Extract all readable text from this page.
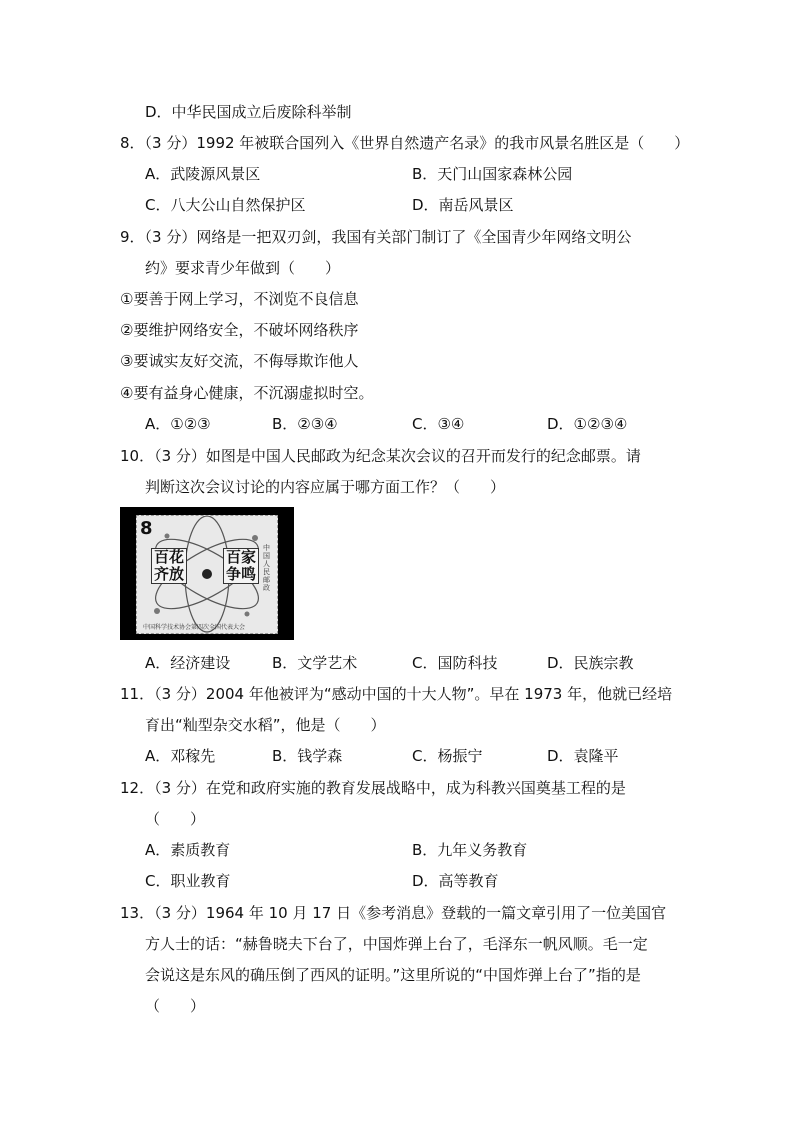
D．中华民国成立后废除科举制
8．（3 分）1992 年被联合国列入《世界自然遗产名录》的我市风景名胜区是（　　）
A．武陵源风景区	B．天门山国家森林公园
C．八大公山自然保护区	D．南岳风景区
9．（3 分）网络是一把双刃剑，我国有关部门制订了《全国青少年网络文明公
约》要求青少年做到（　　）
①要善于网上学习，不浏览不良信息
②要维护网络安全，不破坏网络秩序
③要诚实友好交流，不侮辱欺诈他人
④要有益身心健康，不沉溺虚拟时空。
A．①②③	B．②③④	C．③④	D．①②③④
10．（3 分）如图是中国人民邮政为纪念某次会议的召开而发行的纪念邮票。请
判断这次会议讨论的内容应属于哪方面工作？（　　）
8
百花齐放
百家争鸣
中国人民邮政
中国科学技术协会第四次全国代表大会
A．经济建设	B．文学艺术	C．国防科技	D．民族宗教
11．（3 分）2004 年他被评为“感动中国的十大人物”。早在 1973 年，他就已经培
育出“籼型杂交水稻”，他是（　　）
A．邓稼先	B．钱学森	C．杨振宁	D．袁隆平
12．（3 分）在党和政府实施的教育发展战略中，成为科教兴国奠基工程的是
（　　）
A．素质教育	B．九年义务教育
C．职业教育	D．高等教育
13．（3 分）1964 年 10 月 17 日《参考消息》登载的一篇文章引用了一位美国官
方人士的话：“赫鲁晓夫下台了，中国炸弹上台了，毛泽东一帆风顺。毛一定
会说这是东风的确压倒了西风的证明。”这里所说的“中国炸弹上台了”指的是
（　　）
